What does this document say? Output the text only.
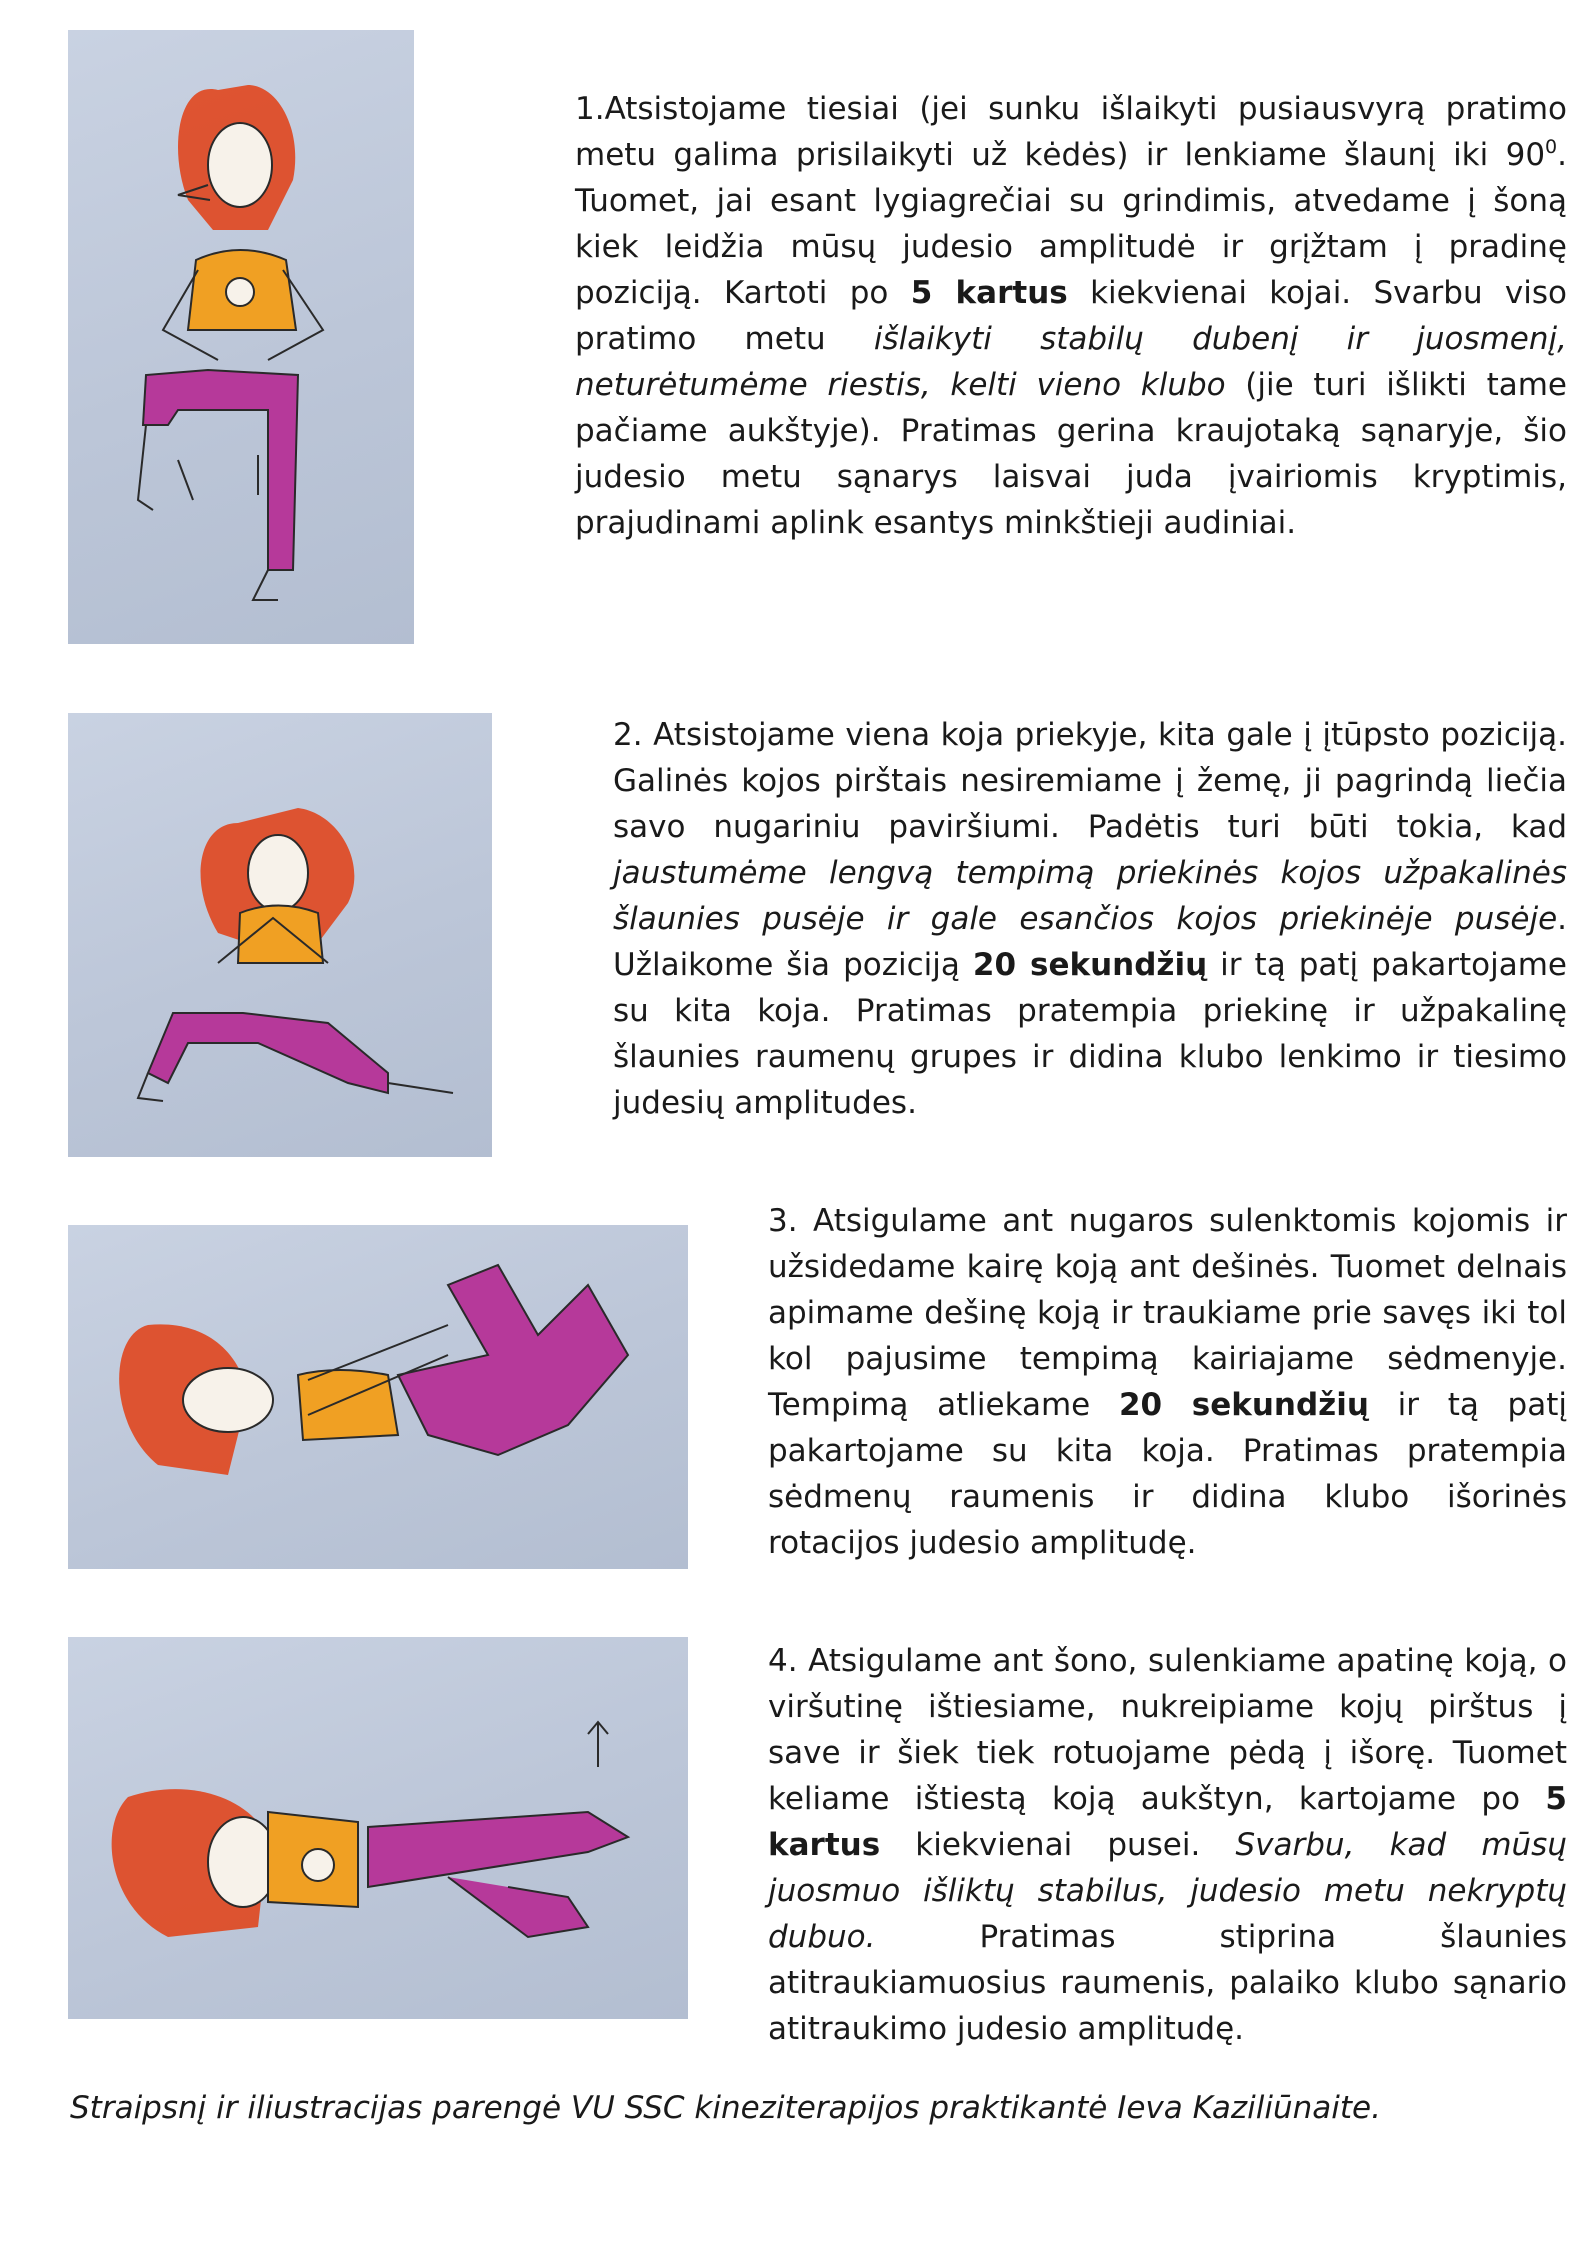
1.Atsistojame tiesiai (jei sunku išlaikyti pusiausvyrą pratimo metu galima prisilaikyti už kėdės) ir lenkiame šlaunį iki $90^0$. Tuomet, jai esant lygiagrečiai su grindimis, atvedame į šoną kiek leidžia mūsų judesio amplitudė ir grįžtam į pradinę poziciją. Kartoti po 5 kartus kiekvienai kojai. Svarbu viso pratimo metu išlaikyti stabilų dubenį ir juosmenį, neturėtumėme riestis, kelti vieno klubo (jie turi išlikti tame pačiame aukštyje). Pratimas gerina kraujotaką sąnaryje, šio judesio metu sąnarys laisvai juda įvairiomis kryptimis, prajudinami aplink esantys minkštieji audiniai.
2. Atsistojame viena koja priekyje, kita gale į įtūpsto poziciją. Galinės kojos pirštais nesiremiame į žemę, ji pagrindą liečia savo nugariniu paviršiumi. Padėtis turi būti tokia, kad jaustumėme lengvą tempimą priekinės kojos užpakalinės šlaunies pusėje ir gale esančios kojos priekinėje pusėje. Užlaikome šia poziciją 20 sekundžių ir tą patį pakartojame su kita koja. Pratimas pratempia priekinę ir užpakalinę šlaunies raumenų grupes ir didina klubo lenkimo ir tiesimo judesių amplitudes.
3. Atsigulame ant nugaros sulenktomis kojomis ir užsidedame kairę koją ant dešinės. Tuomet delnais apimame dešinę koją ir traukiame prie savęs iki tol kol pajusime tempimą kairiajame sėdmenyje. Tempimą atliekame 20 sekundžių ir tą patį pakartojame su kita koja. Pratimas pratempia sėdmenų raumenis ir didina klubo išorinės rotacijos judesio amplitudę.
4. Atsigulame ant šono, sulenkiame apatinę koją, o viršutinę ištiesiame, nukreipiame kojų pirštus į save ir šiek tiek rotuojame pėdą į išorę. Tuomet keliame ištiestą koją aukštyn, kartojame po 5 kartus kiekvienai pusei. Svarbu, kad mūsų juosmuo išliktų stabilus, judesio metu nekryptų dubuo. Pratimas stiprina šlaunies atitraukiamuosius raumenis, palaiko klubo sąnario atitraukimo judesio amplitudę.
Straipsnį ir iliustracijas parengė VU SSC kineziterapijos praktikantė Ieva Kaziliūnaite.
